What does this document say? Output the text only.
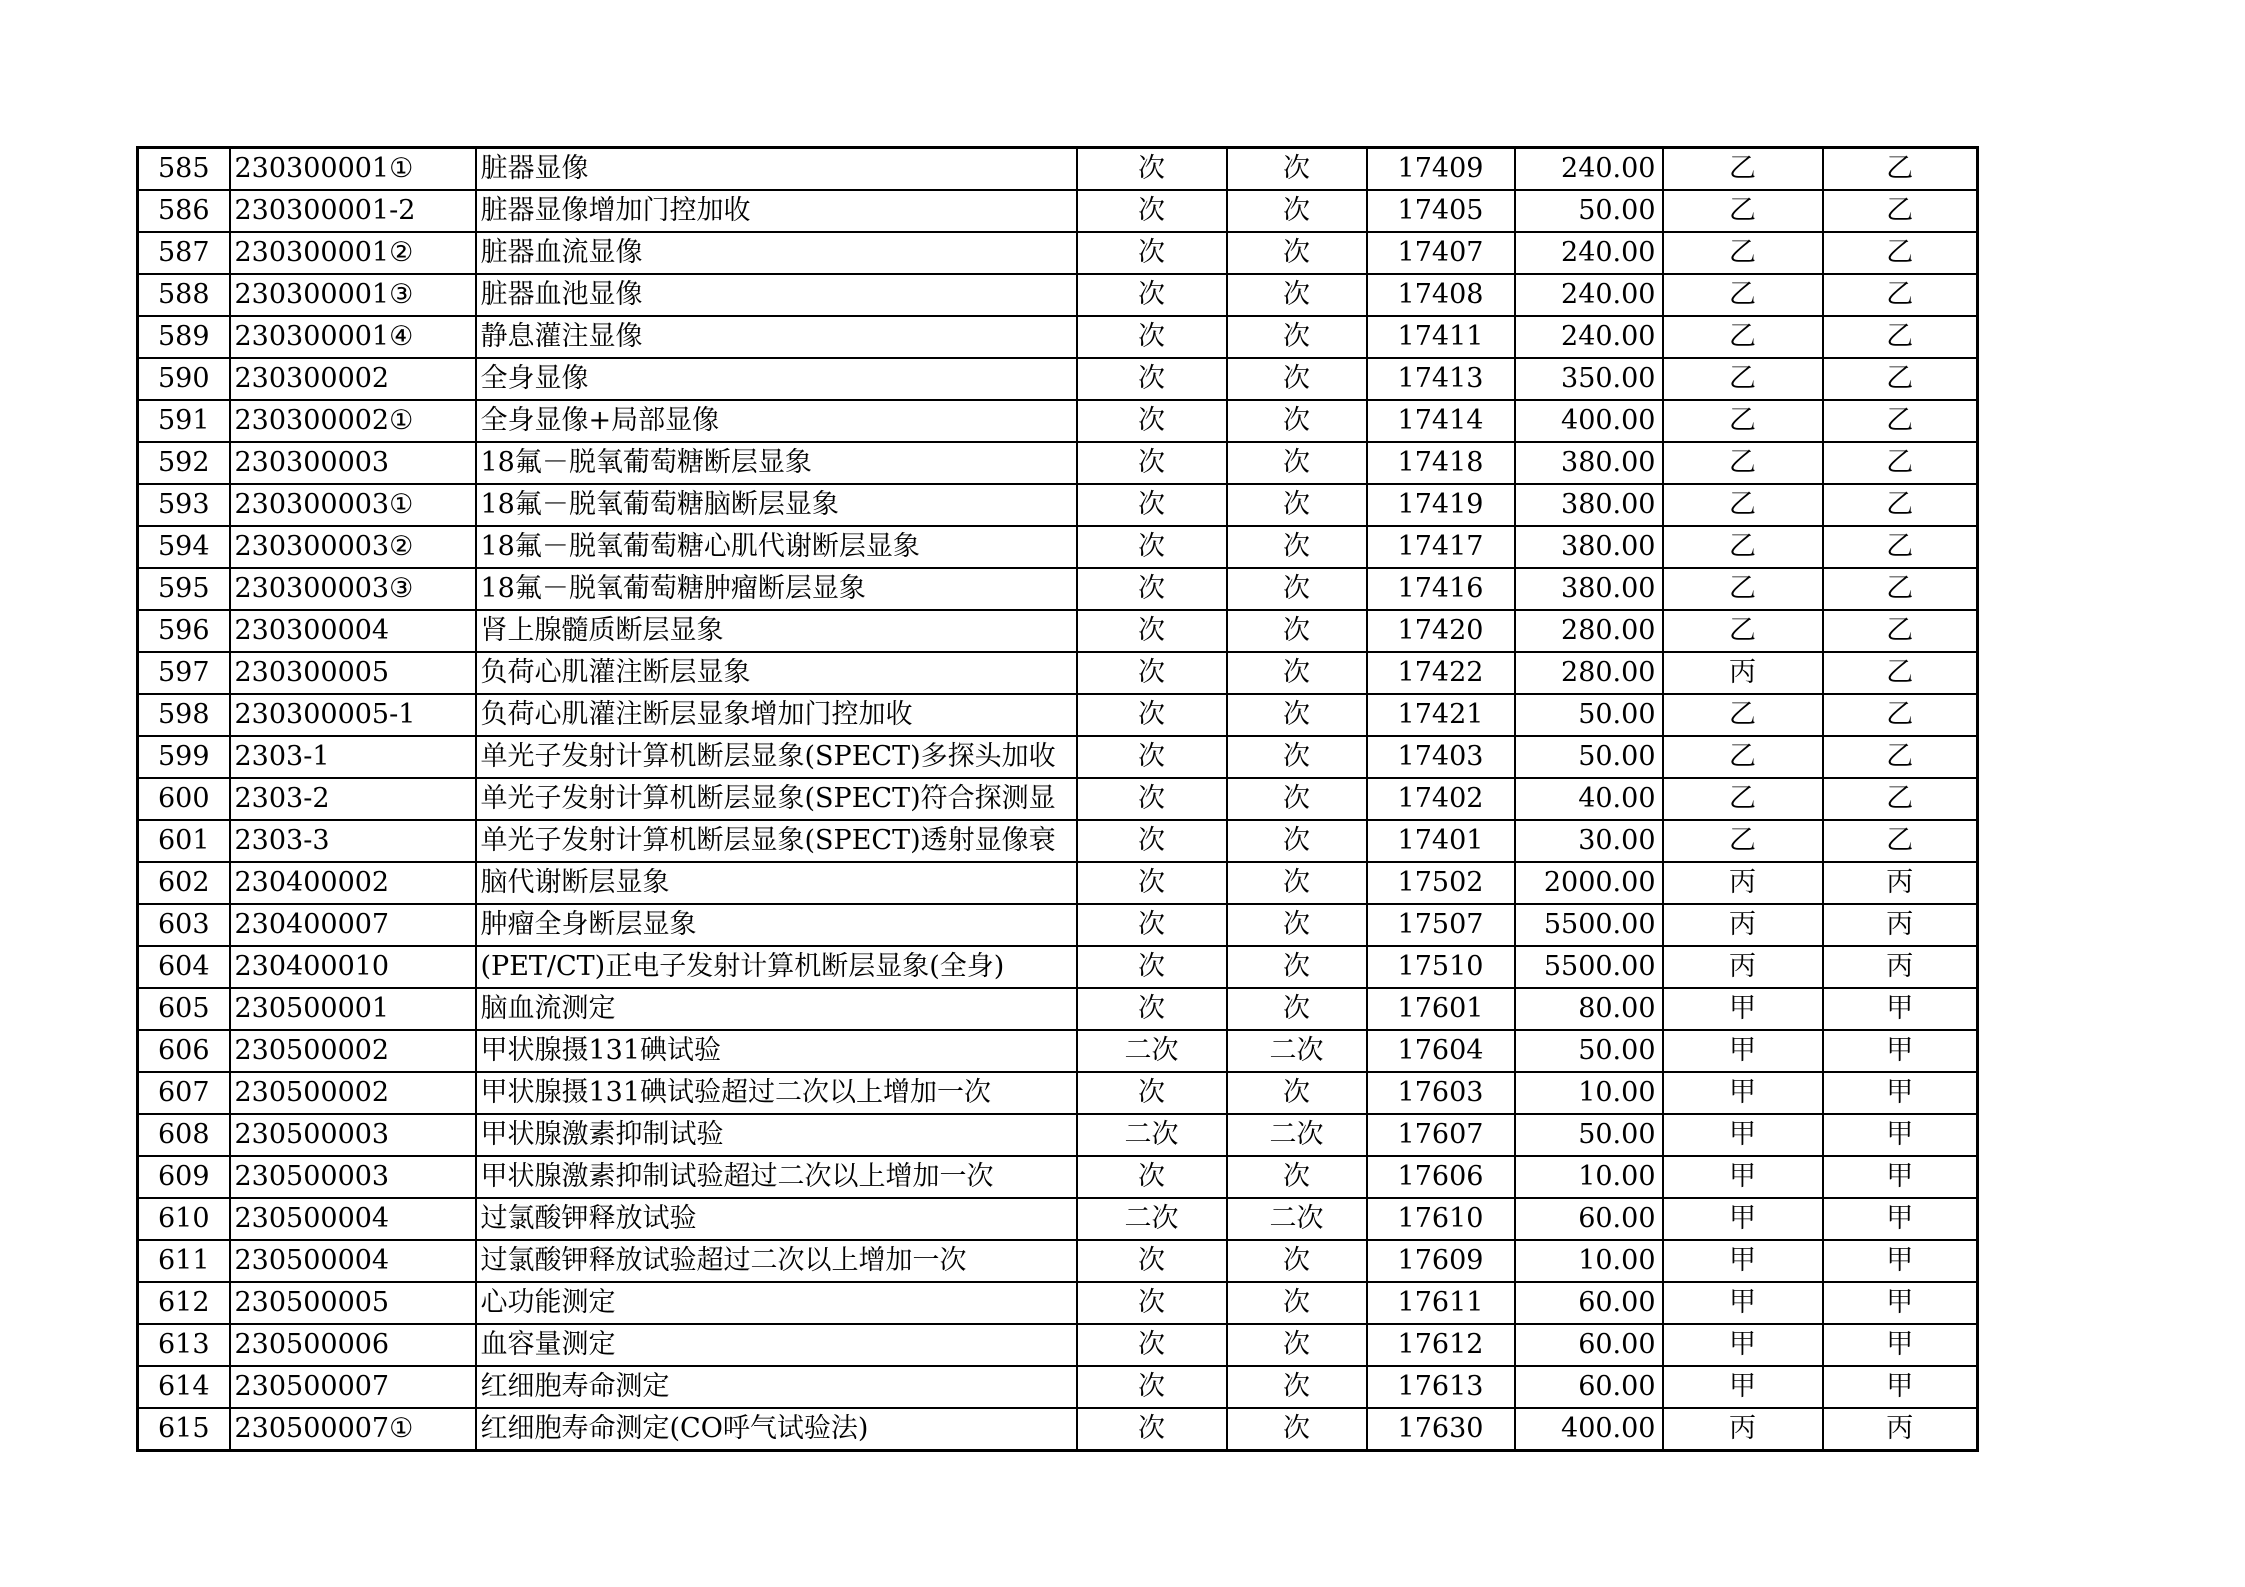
585	230300001①	脏器显像	次	次	17409	240.00	乙	乙
586	230300001-2	脏器显像增加门控加收	次	次	17405	50.00	乙	乙
587	230300001②	脏器血流显像	次	次	17407	240.00	乙	乙
588	230300001③	脏器血池显像	次	次	17408	240.00	乙	乙
589	230300001④	静息灌注显像	次	次	17411	240.00	乙	乙
590	230300002	全身显像	次	次	17413	350.00	乙	乙
591	230300002①	全身显像+局部显像	次	次	17414	400.00	乙	乙
592	230300003	18氟－脱氧葡萄糖断层显象	次	次	17418	380.00	乙	乙
593	230300003①	18氟－脱氧葡萄糖脑断层显象	次	次	17419	380.00	乙	乙
594	230300003②	18氟－脱氧葡萄糖心肌代谢断层显象	次	次	17417	380.00	乙	乙
595	230300003③	18氟－脱氧葡萄糖肿瘤断层显象	次	次	17416	380.00	乙	乙
596	230300004	肾上腺髓质断层显象	次	次	17420	280.00	乙	乙
597	230300005	负荷心肌灌注断层显象	次	次	17422	280.00	丙	乙
598	230300005-1	负荷心肌灌注断层显象增加门控加收	次	次	17421	50.00	乙	乙
599	2303-1	单光子发射计算机断层显象(SPECT)多探头加收	次	次	17403	50.00	乙	乙
600	2303-2	单光子发射计算机断层显象(SPECT)符合探测显	次	次	17402	40.00	乙	乙
601	2303-3	单光子发射计算机断层显象(SPECT)透射显像衰	次	次	17401	30.00	乙	乙
602	230400002	脑代谢断层显象	次	次	17502	2000.00	丙	丙
603	230400007	肿瘤全身断层显象	次	次	17507	5500.00	丙	丙
604	230400010	(PET/CT)正电子发射计算机断层显象(全身)	次	次	17510	5500.00	丙	丙
605	230500001	脑血流测定	次	次	17601	80.00	甲	甲
606	230500002	甲状腺摄131碘试验	二次	二次	17604	50.00	甲	甲
607	230500002	甲状腺摄131碘试验超过二次以上增加一次	次	次	17603	10.00	甲	甲
608	230500003	甲状腺激素抑制试验	二次	二次	17607	50.00	甲	甲
609	230500003	甲状腺激素抑制试验超过二次以上增加一次	次	次	17606	10.00	甲	甲
610	230500004	过氯酸钾释放试验	二次	二次	17610	60.00	甲	甲
611	230500004	过氯酸钾释放试验超过二次以上增加一次	次	次	17609	10.00	甲	甲
612	230500005	心功能测定	次	次	17611	60.00	甲	甲
613	230500006	血容量测定	次	次	17612	60.00	甲	甲
614	230500007	红细胞寿命测定	次	次	17613	60.00	甲	甲
615	230500007①	红细胞寿命测定(CO呼气试验法)	次	次	17630	400.00	丙	丙
